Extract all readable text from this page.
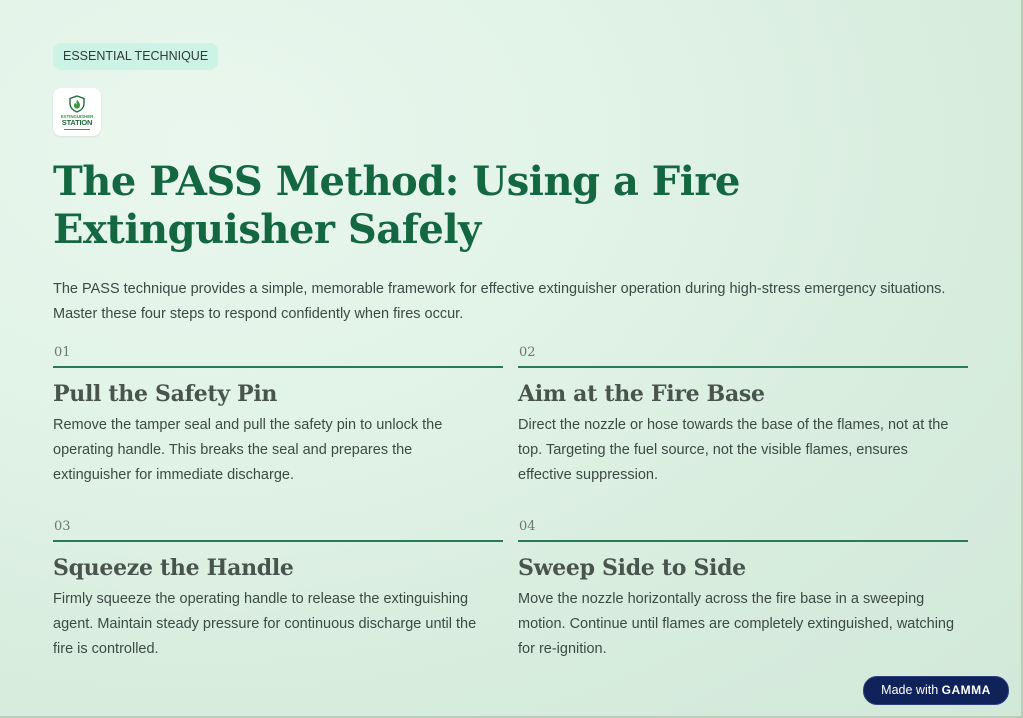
ESSENTIAL TECHNIQUE
EXTINGUISHER
STATION
The PASS Method: Using a Fire Extinguisher Safely

The PASS technique provides a simple, memorable framework for effective extinguisher operation during high-stress emergency situations. Master these four steps to respond confidently when fires occur.

01
Pull the Safety Pin

Remove the tamper seal and pull the safety pin to unlock the operating handle. This breaks the seal and prepares the extinguisher for immediate discharge.

02
Aim at the Fire Base

Direct the nozzle or hose towards the base of the flames, not at the top. Targeting the fuel source, not the visible flames, ensures effective suppression.

03
Squeeze the Handle

Firmly squeeze the operating handle to release the extinguishing agent. Maintain steady pressure for continuous discharge until the fire is controlled.

04
Sweep Side to Side

Move the nozzle horizontally across the fire base in a sweeping motion. Continue until flames are completely extinguished, watching for re-ignition.

Made with GAMMA
